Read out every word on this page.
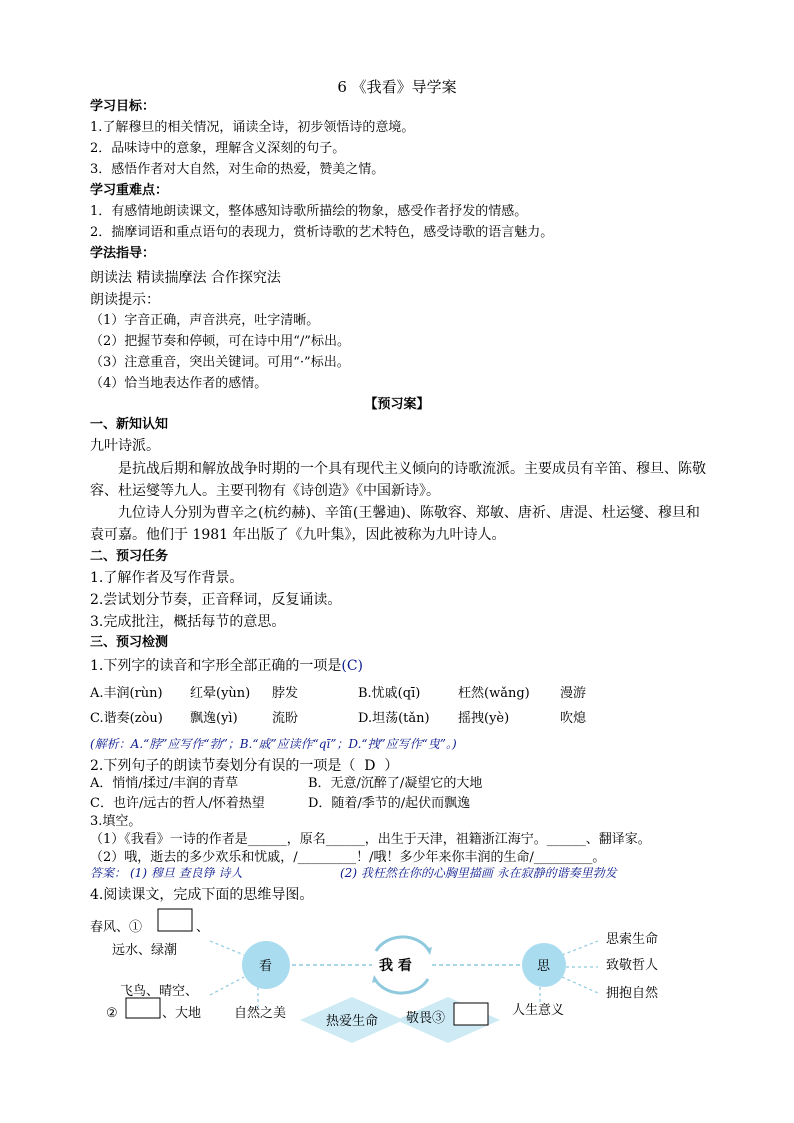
6 《我看》导学案
学习目标：
1.了解穆旦的相关情况，诵读全诗，初步领悟诗的意境。
2．品味诗中的意象，理解含义深刻的句子。
3．感悟作者对大自然，对生命的热爱，赞美之情。
学习重难点：
1．有感情地朗读课文，整体感知诗歌所描绘的物象，感受作者抒发的情感。
2．揣摩词语和重点语句的表现力，赏析诗歌的艺术特色，感受诗歌的语言魅力。
学法指导：
朗读法 精读揣摩法 合作探究法
朗读提示：
（1）字音正确，声音洪亮，吐字清晰。
（2）把握节奏和停顿，可在诗中用“/”标出。
（3）注意重音，突出关键词。可用“·”标出。
（4）恰当地表达作者的感情。
【预习案】
一、新知认知
九叶诗派。
是抗战后期和解放战争时期的一个具有现代主义倾向的诗歌流派。主要成员有辛笛、穆旦、陈敬
容、杜运燮等九人。主要刊物有《诗创造》《中国新诗》。
九位诗人分别为曹辛之(杭约赫)、辛笛(王馨迪)、陈敬容、郑敏、唐祈、唐湜、杜运燮、穆旦和
袁可嘉。他们于 1981 年出版了《九叶集》，因此被称为九叶诗人。
二、预习任务
1.了解作者及写作背景。
2.尝试划分节奏，正音释词，反复诵读。
3.完成批注，概括每节的意思。
三、预习检测
1.下列字的读音和字形全部正确的一项是(C)
A.丰润(rùn) 红晕(yùn) 脖发	B.忧戚(qī)	枉然(wǎng) 漫游
C.谐奏(zòu) 飘逸(yì)	流盼	D.坦荡(tǎn) 摇拽(yè)	吹熄
(解析：A.“脖”应写作“勃”；B.“戚”应读作“qī”；D.“拽”应写作“曳”。)
2.下列句子的朗读节奏划分有误的一项是（ D ）
A．悄悄/揉过/丰润的青草	B．无意/沉醉了/凝望它的大地
C．也许/远古的哲人/怀着热望	D．随着/季节的/起伏而飘逸
3.填空。
（1）《我看》一诗的作者是______，原名______，出生于天津，祖籍浙江海宁。______、翻译家。
（2）哦，逝去的多少欢乐和忧戚，/_________！/哦！多少年来你丰润的生命/_________。
答案： (1) 穆旦 查良铮 诗人	(2) 我枉然在你的心胸里描画 永在寂静的谐奏里勃发
4.阅读课文，完成下面的思维导图。
春风、①	、
远水、绿潮
飞鸟、晴空、
②	、大地
看	我 看	思
自然之美
热爱生命 敬畏③
人生意义
思索生命
致敬哲人
拥抱自然
